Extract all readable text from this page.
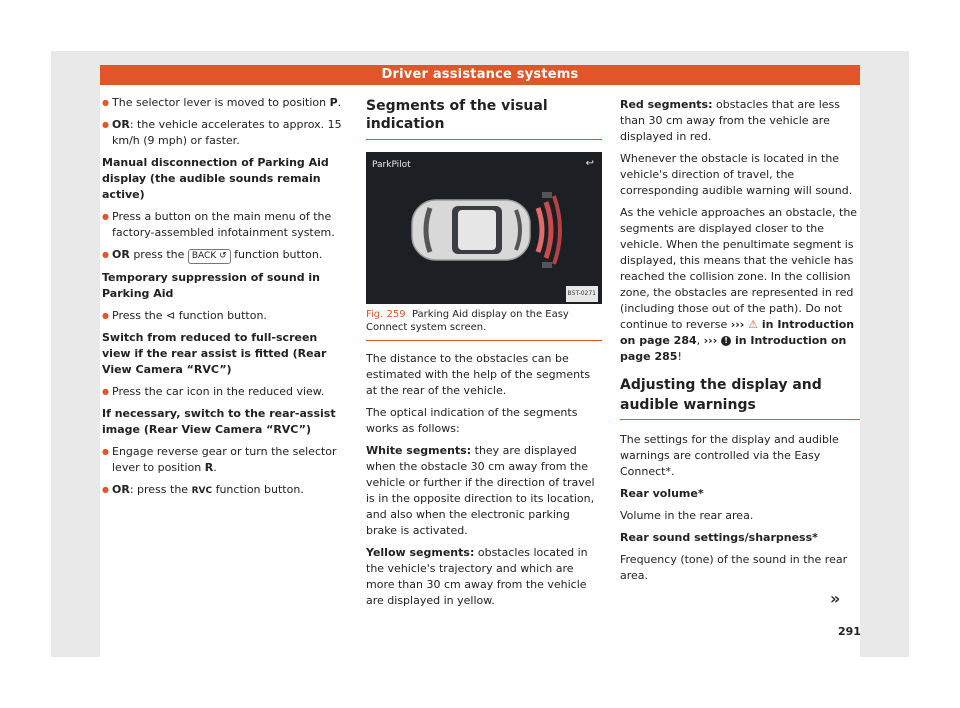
Driver assistance systems
● The selector lever is moved to position P.
● OR: the vehicle accelerates to approx. 15 km/h (9 mph) or faster.
Manual disconnection of Parking Aid display (the audible sounds remain active)
● Press a button on the main menu of the factory-assembled infotainment system.
● OR press the BACK ↺ function button.
Temporary suppression of sound in Parking Aid
● Press the ⊲ function button.
Switch from reduced to full-screen view if the rear assist is fitted (Rear View Camera “RVC”)
● Press the car icon in the reduced view.
If necessary, switch to the rear-assist image (Rear View Camera “RVC”)
● Engage reverse gear or turn the selector lever to position R.
● OR: press the RVC function button.
Segments of the visual indication
ParkPilot	↩
B5T-0271
Fig. 259 Parking Aid display on the Easy Connect system screen.

The distance to the obstacles can be estimated with the help of the segments at the rear of the vehicle.

The optical indication of the segments works as follows:

White segments: they are displayed when the obstacle 30 cm away from the vehicle or further if the direction of travel is in the opposite direction to its location, and also when the electronic parking brake is activated.
Yellow segments: obstacles located in the vehicle's trajectory and which are more than 30 cm away from the vehicle are displayed in yellow.
Red segments: obstacles that are less than 30 cm away from the vehicle are displayed in red.

Whenever the obstacle is located in the vehicle's direction of travel, the corresponding audible warning will sound.

As the vehicle approaches an obstacle, the segments are displayed closer to the vehicle. When the penultimate segment is displayed, this means that the vehicle has reached the collision zone. In the collision zone, the obstacles are represented in red (including those out of the path). Do not continue to reverse ››› ⚠ in Introduction on page 284, ››› ! in Introduction on page 285!

Adjusting the display and audible warnings

The settings for the display and audible warnings are controlled via the Easy Connect*.

Rear volume*

Volume in the rear area.

Rear sound settings/sharpness*

Frequency (tone) of the sound in the rear area.

»
291
